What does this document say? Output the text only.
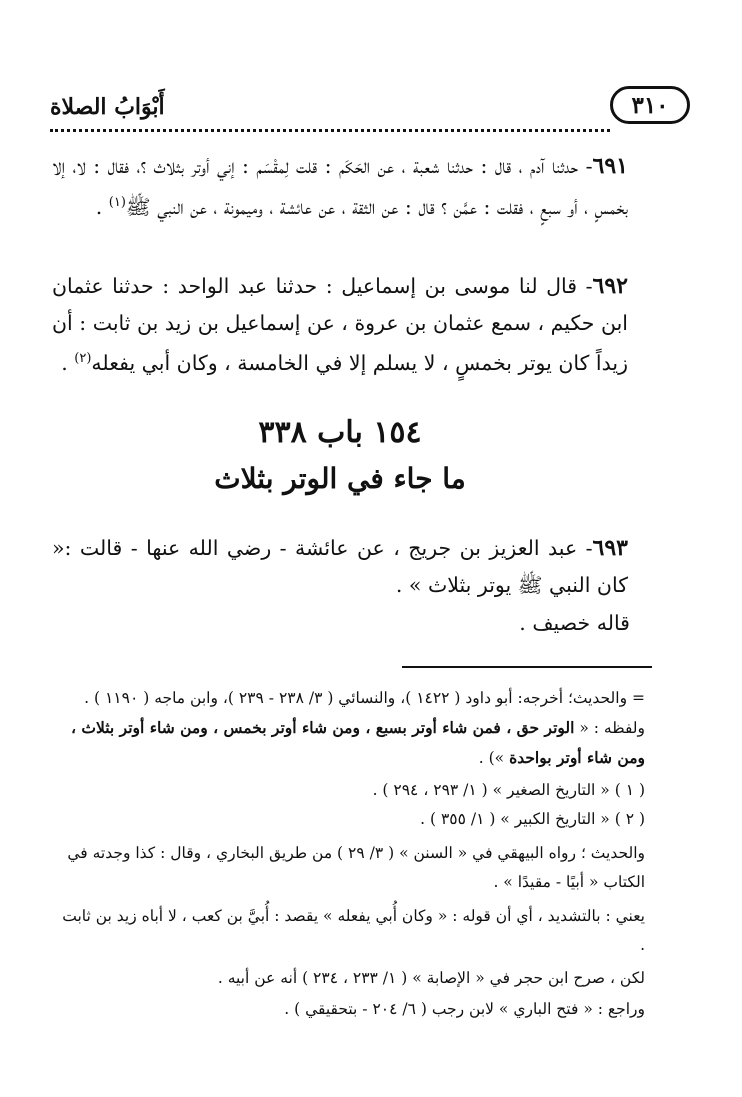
٣١٠
أَبْوَابُ الصلاة

٦٩١- حدثنا آدم ، قال : حدثنا شعبة ، عن الحَكَم : قلت لِمقْسَم : إني أوتر بثلاث ؟، فقال : لا، إلا بخمسٍ ، أو سبعٍ ، فقلت : عمَّن ؟ قال : عن الثقة ، عن عائشة ، وميمونة ، عن النبي ﷺ$^{(١)}$ .

٦٩٢- قال لنا موسى بن إسماعيل : حدثنا عبد الواحد : حدثنا عثمان ابن حكيم ، سمع عثمان بن عروة ، عن إسماعيل بن زيد بن ثابت : أن زيداً كان يوتر بخمسٍ ، لا يسلم إلا في الخامسة ، وكان أبي يفعله$^{(٢)}$ .

١٥٤ باب ٣٣٨
ما جاء في الوتر بثلاث

٦٩٣- عبد العزيز بن جريج ، عن عائشة - رضي الله عنها - قالت :« كان النبي ﷺ يوتر بثلاث » .

قاله خصيف .

= والحديث؛ أخرجه: أبو داود ( ١٤٢٢ )، والنسائي ( ٣/ ٢٣٨ - ٢٣٩ )، وابن ماجه ( ١١٩٠ ) .
ولفظه : « الوتر حق ، فمن شاء أوتر بسبع ، ومن شاء أوتر بخمس ، ومن شاء أوتر بثلاث ، ومن شاء أوتر بواحدة ») .

( ١ ) « التاريخ الصغير » ( ١/ ٢٩٣ ، ٢٩٤ ) .

( ٢ ) « التاريخ الكبير » ( ١/ ٣٥٥ ) .

والحديث ؛ رواه البيهقي في « السنن » ( ٣/ ٢٩ ) من طريق البخاري ، وقال : كذا وجدته في الكتاب « أبيًا - مقيدًا » .

يعني : بالتشديد ، أي أن قوله : « وكان أُبي يفعله » يقصد : أُبيَّ بن كعب ، لا أباه زيد بن ثابت .

لكن ، صرح ابن حجر في « الإصابة » ( ١/ ٢٣٣ ، ٢٣٤ ) أنه عن أبيه .

وراجع : « فتح الباري » لابن رجب ( ٦/ ٢٠٤ - بتحقيقي ) .
